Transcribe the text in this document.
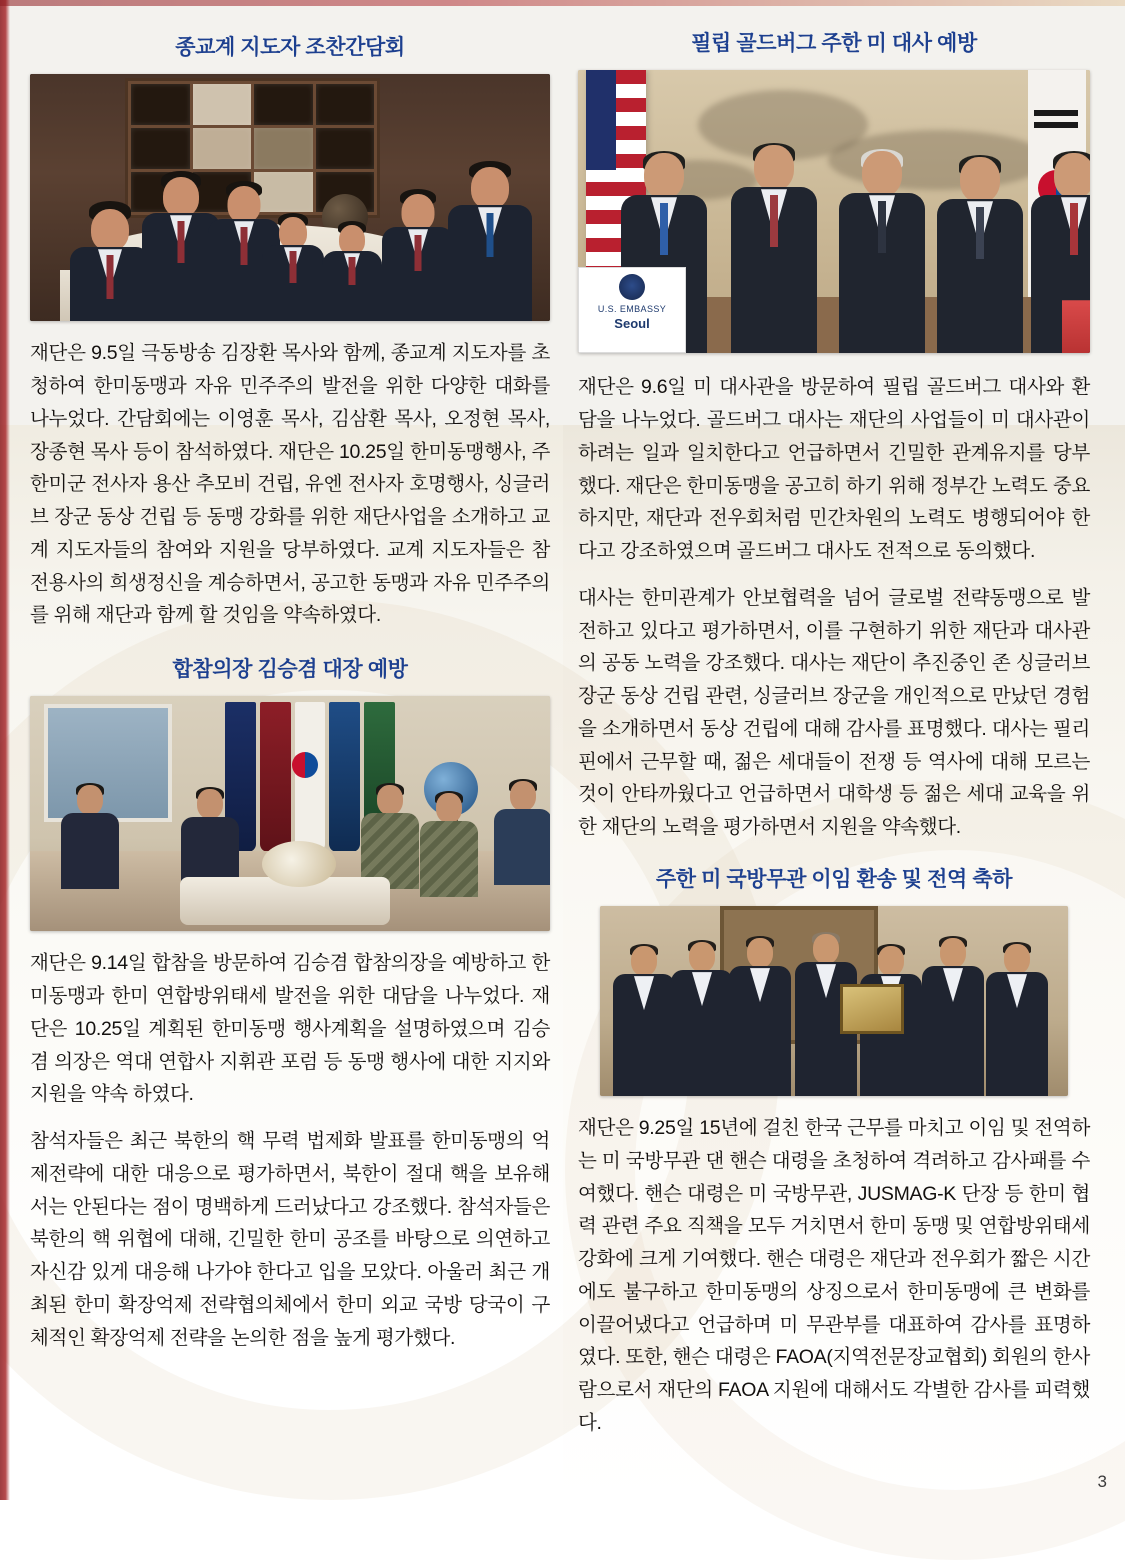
종교계 지도자 조찬간담회

재단은 9.5일 극동방송 김장환 목사와 함께, 종교계 지도자를 초청하여 한미동맹과 자유 민주주의 발전을 위한 다양한 대화를 나누었다. 간담회에는 이영훈 목사, 김삼환 목사, 오정현 목사, 장종현 목사 등이 참석하였다. 재단은 10.25일 한미동맹행사, 주한미군 전사자 용산 추모비 건립, 유엔 전사자 호명행사, 싱글러브 장군 동상 건립 등 동맹 강화를 위한 재단사업을 소개하고 교계 지도자들의 참여와 지원을 당부하였다. 교계 지도자들은 참전용사의 희생정신을 계승하면서, 공고한 동맹과 자유 민주주의를 위해 재단과 함께 할 것임을 약속하였다.

합참의장 김승겸 대장 예방

재단은 9.14일 합참을 방문하여 김승겸 합참의장을 예방하고 한미동맹과 한미 연합방위태세 발전을 위한 대담을 나누었다. 재단은 10.25일 계획된 한미동맹 행사계획을 설명하였으며 김승겸 의장은 역대 연합사 지휘관 포럼 등 동맹 행사에 대한 지지와 지원을 약속 하였다.

참석자들은 최근 북한의 핵 무력 법제화 발표를 한미동맹의 억제전략에 대한 대응으로 평가하면서, 북한이 절대 핵을 보유해서는 안된다는 점이 명백하게 드러났다고 강조했다. 참석자들은 북한의 핵 위협에 대해, 긴밀한 한미 공조를 바탕으로 의연하고 자신감 있게 대응해 나가야 한다고 입을 모았다. 아울러 최근 개최된 한미 확장억제 전략협의체에서 한미 외교 국방 당국이 구체적인 확장억제 전략을 논의한 점을 높게 평가했다.

필립 골드버그 주한 미 대사 예방
U.S. EMBASSY
Seoul

재단은 9.6일 미 대사관을 방문하여 필립 골드버그 대사와 환담을 나누었다. 골드버그 대사는 재단의 사업들이 미 대사관이 하려는 일과 일치한다고 언급하면서 긴밀한 관계유지를 당부했다. 재단은 한미동맹을 공고히 하기 위해 정부간 노력도 중요하지만, 재단과 전우회처럼 민간차원의 노력도 병행되어야 한다고 강조하였으며 골드버그 대사도 전적으로 동의했다.

대사는 한미관계가 안보협력을 넘어 글로벌 전략동맹으로 발전하고 있다고 평가하면서, 이를 구현하기 위한 재단과 대사관의 공동 노력을 강조했다. 대사는 재단이 추진중인 존 싱글러브 장군 동상 건립 관련, 싱글러브 장군을 개인적으로 만났던 경험을 소개하면서 동상 건립에 대해 감사를 표명했다. 대사는 필리핀에서 근무할 때, 젊은 세대들이 전쟁 등 역사에 대해 모르는 것이 안타까웠다고 언급하면서 대학생 등 젊은 세대 교육을 위한 재단의 노력을 평가하면서 지원을 약속했다.

주한 미 국방무관 이임 환송 및 전역 축하

재단은 9.25일 15년에 걸친 한국 근무를 마치고 이임 및 전역하는 미 국방무관 댄 핸슨 대령을 초청하여 격려하고 감사패를 수여했다. 핸슨 대령은 미 국방무관, JUSMAG-K 단장 등 한미 협력 관련 주요 직책을 모두 거치면서 한미 동맹 및 연합방위태세 강화에 크게 기여했다. 핸슨 대령은 재단과 전우회가 짧은 시간에도 불구하고 한미동맹의 상징으로서 한미동맹에 큰 변화를 이끌어냈다고 언급하며 미 무관부를 대표하여 감사를 표명하였다. 또한, 핸슨 대령은 FAOA(지역전문장교협회) 회원의 한사람으로서 재단의 FAOA 지원에 대해서도 각별한 감사를 피력했다.

3
